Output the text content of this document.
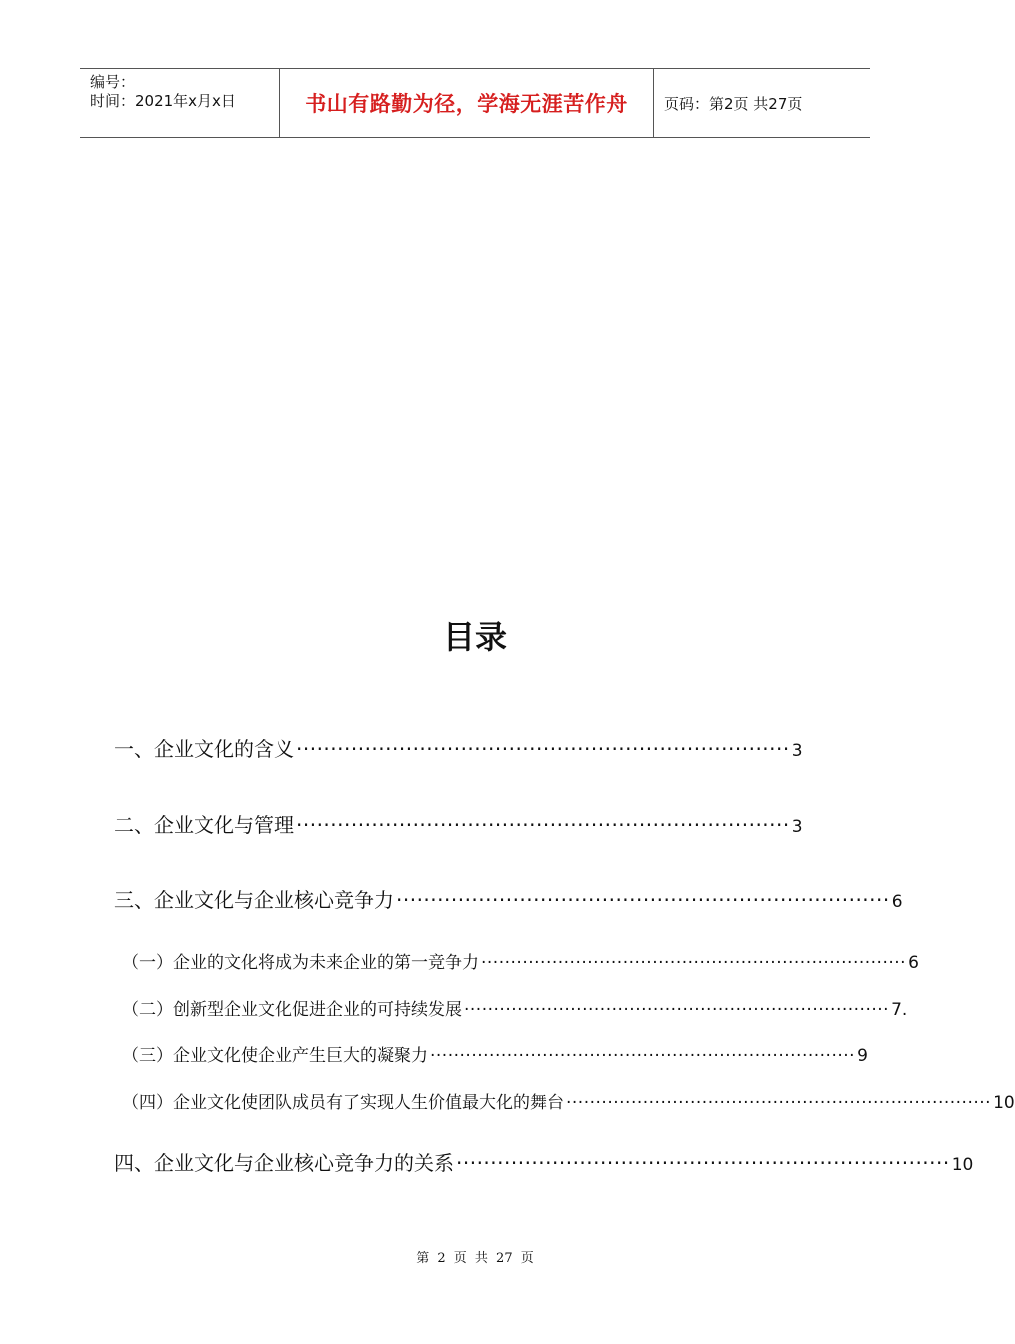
编号：
时间：2021年x月x日	书山有路勤为径，学海无涯苦作舟	页码：第2页 共27页
目录
一、企业文化的含义 ········································································ 3
二、企业文化与管理 ········································································ 3
三、企业文化与企业核心竞争力 ········································································ 6
（一）企业的文化将成为未来企业的第一竞争力 ········································································ 6
（二）创新型企业文化促进企业的可持续发展 ········································································ 7.
（三）企业文化使企业产生巨大的凝聚力 ········································································ 9
（四）企业文化使团队成员有了实现人生价值最大化的舞台 ········································································ 10
四、企业文化与企业核心竞争力的关系 ········································································ 10
第 2 页 共 27 页
